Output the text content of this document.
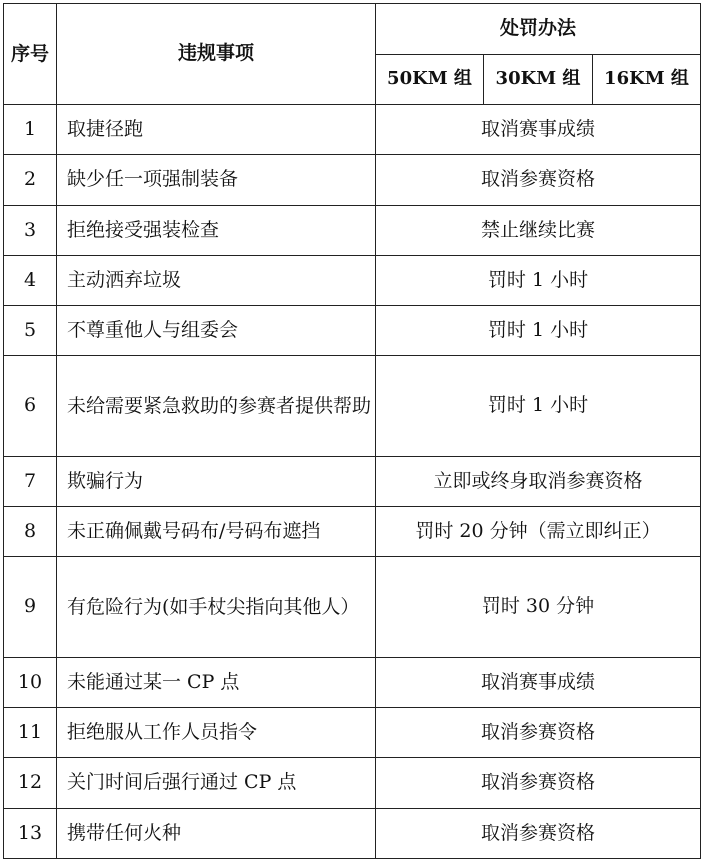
序号	违规事项	处罚办法		
		50KM 组	30KM 组	16KM 组
1	取捷径跑	取消赛事成绩		
2	缺少任一项强制装备	取消参赛资格		
3	拒绝接受强装检查	禁止继续比赛		
4	主动洒弃垃圾	罚时 1 小时		
5	不尊重他人与组委会	罚时 1 小时		
6	未给需要紧急救助的参赛者提供帮助	罚时 1 小时		
7	欺骗行为	立即或终身取消参赛资格		
8	未正确佩戴号码布/号码布遮挡	罚时 20 分钟（需立即纠正）		
9	有危险行为(如手杖尖指向其他人）	罚时 30 分钟		
10	未能通过某一 CP 点	取消赛事成绩		
11	拒绝服从工作人员指令	取消参赛资格		
12	关门时间后强行通过 CP 点	取消参赛资格		
13	携带任何火种	取消参赛资格		
